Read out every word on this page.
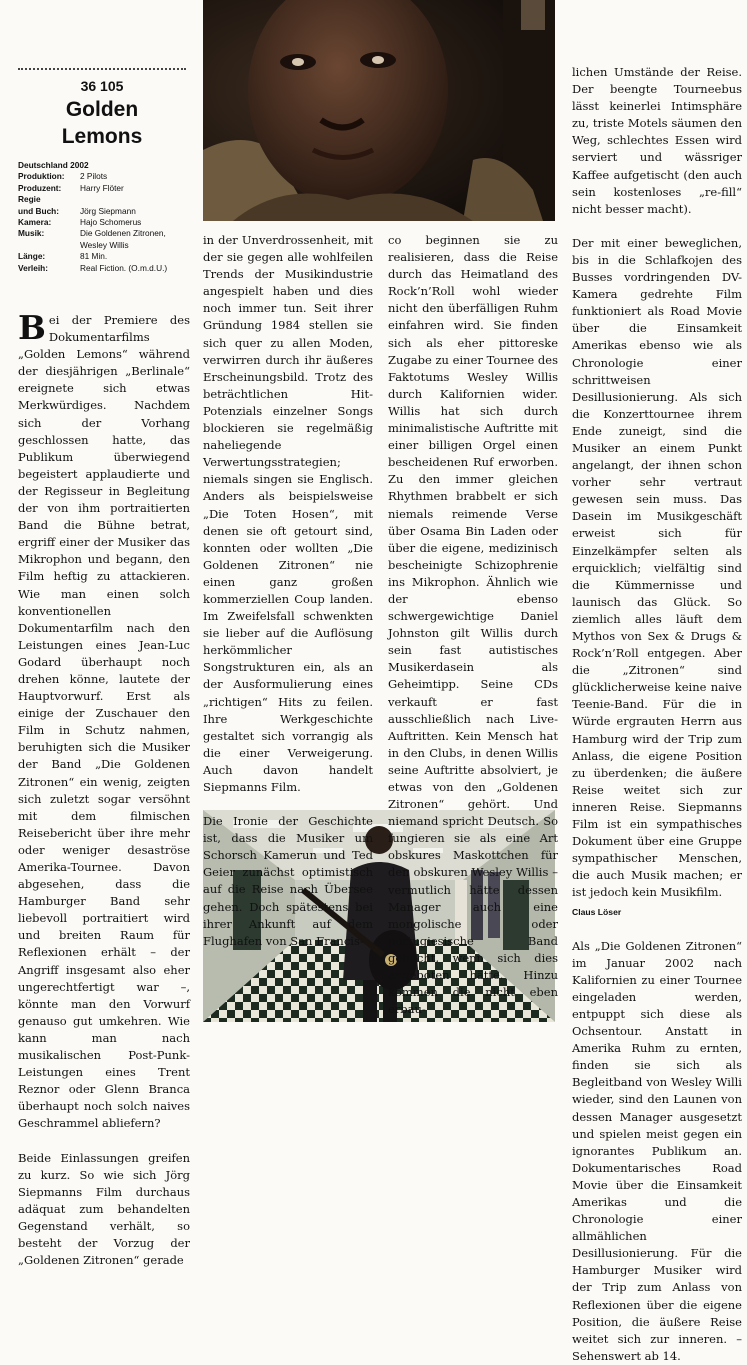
36 105
Golden
Lemons
Deutschland 2002
Produktion:	2 Pilots
Produzent:	Harry Flöter
Regie
und Buch:	Jörg Siepmann
Kamera:	Hajo Schomerus
Musik:	Die Goldenen Zitronen,
Wesley Willis
Länge:	81 Min.
Verleih:	Real Fiction. (O.m.d.U.)

Bei der Premiere des Dokumentarfilms „Golden Lemons“ während der diesjährigen „Berlinale“ ereignete sich etwas Merkwürdiges. Nachdem sich der Vorhang geschlossen hatte, das Publikum überwiegend begeistert applaudierte und der Regisseur in Begleitung der von ihm portraitierten Band die Bühne betrat, ergriff einer der Musiker das Mikrophon und begann, den Film heftig zu attackieren. Wie man einen solch konventionellen Dokumentarfilm nach den Leistungen eines Jean-Luc Godard überhaupt noch drehen könne, lautete der Hauptvorwurf. Erst als einige der Zuschauer den Film in Schutz nahmen, beruhigten sich die Musiker der Band „Die Goldenen Zitronen“ ein wenig, zeigten sich zuletzt sogar versöhnt mit dem filmischen Reisebericht über ihre mehr oder weniger desaströse Amerika-Tournee. Davon abgesehen, dass die Hamburger Band sehr liebevoll portraitiert wird und breiten Raum für Reflexionen erhält – der Angriff insgesamt also eher ungerechtfertigt war –, könnte man den Vorwurf genauso gut umkehren. Wie kann man nach musikalischen Post-Punk-Leistungen eines Trent Reznor oder Glenn Branca überhaupt noch solch naives Geschrammel abliefern?

Beide Einlassungen greifen zu kurz. So wie sich Jörg Siepmanns Film durchaus adäquat zum behandelten Gegenstand verhält, so besteht der Vorzug der „Goldenen Zitronen“ gerade

in der Unverdrossenheit, mit der sie gegen alle wohlfeilen Trends der Musikindustrie angespielt haben und dies noch immer tun. Seit ihrer Gründung 1984 stellen sie sich quer zu allen Moden, verwirren durch ihr äußeres Erscheinungsbild. Trotz des beträchtlichen Hit-Potenzials einzelner Songs blockieren sie regelmäßig naheliegende Verwertungsstrategien; niemals singen sie Englisch. Anders als beispielsweise „Die Toten Hosen“, mit denen sie oft getourt sind, konnten oder wollten „Die Goldenen Zitronen“ nie einen ganz großen kommerziellen Coup landen. Im Zweifelsfall schwenkten sie lieber auf die Auflösung herkömmlicher Songstrukturen ein, als an der Ausformulierung eines „richtigen“ Hits zu feilen. Ihre Werkgeschichte gestaltet sich vorrangig als die einer Verweigerung. Auch davon handelt Siepmanns Film.

Die Ironie der Geschichte ist, dass die Musiker um Schorsch Kamerun und Ted Geier zunächst optimistisch auf die Reise nach Übersee gehen. Doch spätestens bei ihrer Ankunft auf dem Flughafen von San Francis-

co beginnen sie zu realisieren, dass die Reise durch das Heimatland des Rock’n’Roll wohl wieder nicht den überfälligen Ruhm einfahren wird. Sie finden sich als eher pittoreske Zugabe zu einer Tournee des Faktotums Wesley Willis durch Kalifornien wider. Willis hat sich durch minimalistische Auftritte mit einer billigen Orgel einen bescheidenen Ruf erworben. Zu den immer gleichen Rhythmen brabbelt er sich niemals reimende Verse über Osama Bin Laden oder über die eigene, medizinisch bescheinigte Schizophrenie ins Mikrophon. Ähnlich wie der ebenso schwergewichtige Daniel Johnston gilt Willis durch sein fast autistisches Musikerdasein als Geheimtipp. Seine CDs verkauft er fast ausschließlich nach Live-Auftritten. Kein Mensch hat in den Clubs, in denen Willis seine Auftritte absolviert, je etwas von den „Goldenen Zitronen“ gehört. Und niemand spricht Deutsch. So fungieren sie als eine Art obskures Maskottchen für den obskuren Wesley Willis – vermutlich hätte dessen Manager auch eine mongolische oder portugiesische Band gebucht, wenn sich dies angeboten hätte. Hinzu kommen die nicht eben erbau-

lichen Umstände der Reise. Der beengte Tourneebus lässt keinerlei Intimsphäre zu, triste Motels säumen den Weg, schlechtes Essen wird serviert und wässriger Kaffee aufgetischt (den auch sein kostenloses „re-fill“ nicht besser macht).

Der mit einer beweglichen, bis in die Schlafkojen des Busses vordringenden DV-Kamera gedrehte Film funktioniert als Road Movie über die Einsamkeit Amerikas ebenso wie als Chronologie einer schrittweisen Desillusionierung. Als sich die Konzerttournee ihrem Ende zuneigt, sind die Musiker an einem Punkt angelangt, der ihnen schon vorher sehr vertraut gewesen sein muss. Das Dasein im Musikgeschäft erweist sich für Einzelkämpfer selten als erquicklich; vielfältig sind die Kümmernisse und launisch das Glück. So ziemlich alles läuft dem Mythos von Sex & Drugs & Rock’n’Roll entgegen. Aber die „Zitronen“ sind glücklicherweise keine naive Teenie-Band. Für die in Würde ergrauten Herrn aus Hamburg wird der Trip zum Anlass, die eigene Position zu überdenken; die äußere Reise weitet sich zur inneren Reise. Siepmanns Film ist ein sympathisches Dokument über eine Gruppe sympathischer Menschen, die auch Musik machen; er ist jedoch kein Musikfilm.

Claus Löser

Als „Die Goldenen Zitronen“ im Januar 2002 nach Kalifornien zu einer Tournee eingeladen werden, entpuppt sich diese als Ochsentour. Anstatt in Amerika Ruhm zu ernten, finden sie sich als Begleitband von Wesley Willi wieder, sind den Launen von dessen Manager ausgesetzt und spielen meist gegen ein ignorantes Publikum an. Dokumentarisches Road Movie über die Einsamkeit Amerikas und die Chronologie einer allmählichen Desillusionierung. Für die Hamburger Musiker wird der Trip zum Anlass von Reflexionen über die eigene Position, die äußere Reise weitet sich zur inneren. – Sehenswert ab 14.
